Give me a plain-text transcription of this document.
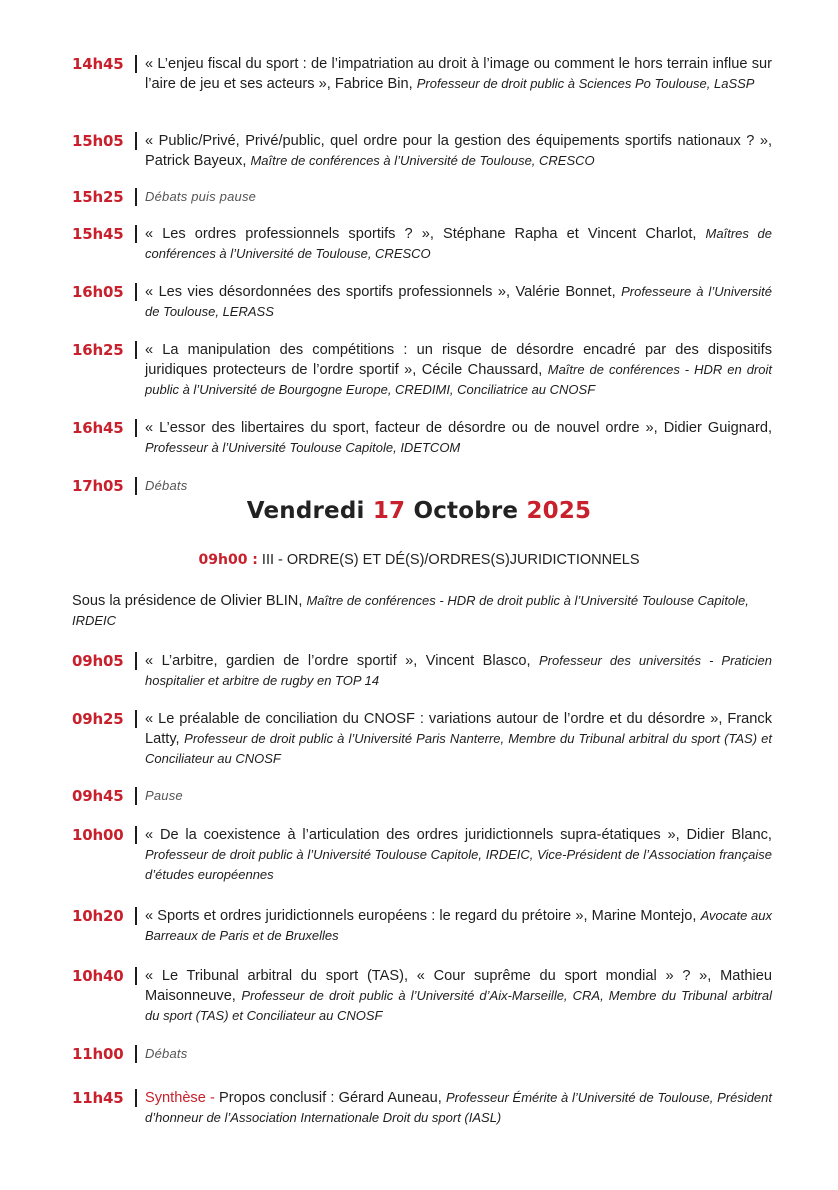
14h45 « L’enjeu fiscal du sport : de l’impatriation au droit à l’image ou comment le hors terrain influe sur l’aire de jeu et ses acteurs », Fabrice Bin, Professeur de droit public à Sciences Po Toulouse, LaSSP
15h05 « Public/Privé, Privé/public, quel ordre pour la gestion des équipements sportifs nationaux ? », Patrick Bayeux, Maître de conférences à l’Université de Toulouse, CRESCO
15h25 Débats puis pause
15h45 « Les ordres professionnels sportifs ? », Stéphane Rapha et Vincent Charlot, Maîtres de conférences à l’Université de Toulouse, CRESCO
16h05 « Les vies désordonnées des sportifs professionnels », Valérie Bonnet, Professeure à l’Université de Toulouse, LERASS
16h25 « La manipulation des compétitions : un risque de désordre encadré par des dispositifs juridiques protecteurs de l’ordre sportif », Cécile Chaussard, Maître de conférences - HDR en droit public à l’Université de Bourgogne Europe, CREDIMI, Conciliatrice au CNOSF
16h45 « L’essor des libertaires du sport, facteur de désordre ou de nouvel ordre », Didier Guignard, Professeur à l’Université Toulouse Capitole, IDETCOM
17h05 Débats
Vendredi 17 Octobre 2025
09h00 : III - ORDRE(S) ET DÉ(S)/ORDRES(S)JURIDICTIONNELS
Sous la présidence de Olivier BLIN, Maître de conférences - HDR de droit public à l’Université Toulouse Capitole, IRDEIC
09h05 « L’arbitre, gardien de l’ordre sportif », Vincent Blasco, Professeur des universités - Praticien hospitalier et arbitre de rugby en TOP 14
09h25 « Le préalable de conciliation du CNOSF : variations autour de l’ordre et du désordre », Franck Latty, Professeur de droit public à l’Université Paris Nanterre, Membre du Tribunal arbitral du sport (TAS) et Conciliateur au CNOSF
09h45 Pause
10h00 « De la coexistence à l’articulation des ordres juridictionnels supra-étatiques », Didier Blanc, Professeur de droit public à l’Université Toulouse Capitole, IRDEIC, Vice-Président de l’Association française d’études européennes
10h20 « Sports et ordres juridictionnels européens : le regard du prétoire », Marine Montejo, Avocate aux Barreaux de Paris et de Bruxelles
10h40 « Le Tribunal arbitral du sport (TAS), « Cour suprême du sport mondial » ? », Mathieu Maisonneuve, Professeur de droit public à l’Université d’Aix-Marseille, CRA, Membre du Tribunal arbitral du sport (TAS) et Conciliateur au CNOSF
11h00 Débats
11h45 Synthèse - Propos conclusif : Gérard Auneau, Professeur Émérite à l’Université de Toulouse, Président d’honneur de l’Association Internationale Droit du sport (IASL)
